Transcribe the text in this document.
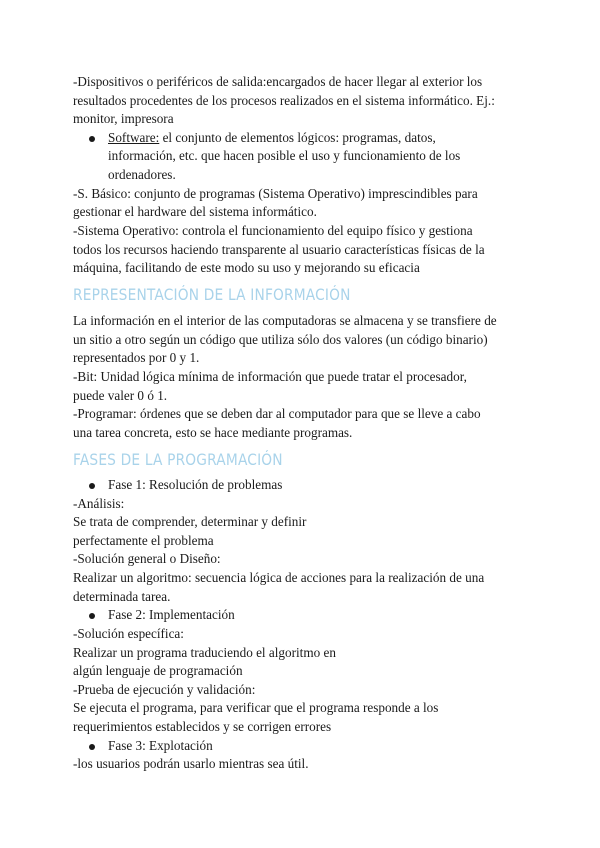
-Dispositivos o periféricos de salida:encargados de hacer llegar al exterior los
resultados procedentes de los procesos realizados en el sistema informático. Ej.:
monitor, impresora
Software: el conjunto de elementos lógicos: programas, datos,
información, etc. que hacen posible el uso y funcionamiento de los
ordenadores.
-S. Básico: conjunto de programas (Sistema Operativo) imprescindibles para
gestionar el hardware del sistema informático.
-Sistema Operativo: controla el funcionamiento del equipo físico y gestiona
todos los recursos haciendo transparente al usuario características físicas de la
máquina, facilitando de este modo su uso y mejorando su eficacia
REPRESENTACIÓN DE LA INFORMACIÓN
La información en el interior de las computadoras se almacena y se transfiere de
un sitio a otro según un código que utiliza sólo dos valores (un código binario)
representados por 0 y 1.
-Bit: Unidad lógica mínima de información que puede tratar el procesador,
puede valer 0 ó 1.
-Programar: órdenes que se deben dar al computador para que se lleve a cabo
una tarea concreta, esto se hace mediante programas.
FASES DE LA PROGRAMACIÓN
Fase 1: Resolución de problemas
-Análisis:
Se trata de comprender, determinar y definir
perfectamente el problema
-Solución general o Diseño:
Realizar un algoritmo: secuencia lógica de acciones para la realización de una
determinada tarea.
Fase 2: Implementación
-Solución específica:
Realizar un programa traduciendo el algoritmo en
algún lenguaje de programación
-Prueba de ejecución y validación:
Se ejecuta el programa, para verificar que el programa responde a los
requerimientos establecidos y se corrigen errores
Fase 3: Explotación
-los usuarios podrán usarlo mientras sea útil.
